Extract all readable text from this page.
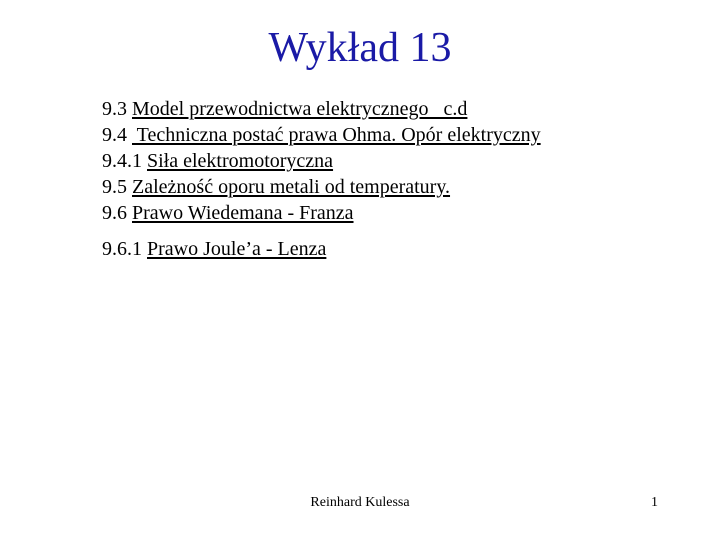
Wykład 13
9.3 Model przewodnictwa elektrycznego   c.d
9.4  Techniczna postać prawa Ohma. Opór elektryczny
9.4.1 Siła elektromotoryczna
9.5 Zależność oporu metali od temperatury.
9.6 Prawo Wiedemana - Franza
9.6.1 Prawo Joule’a - Lenza
Reinhard Kulessa	1
